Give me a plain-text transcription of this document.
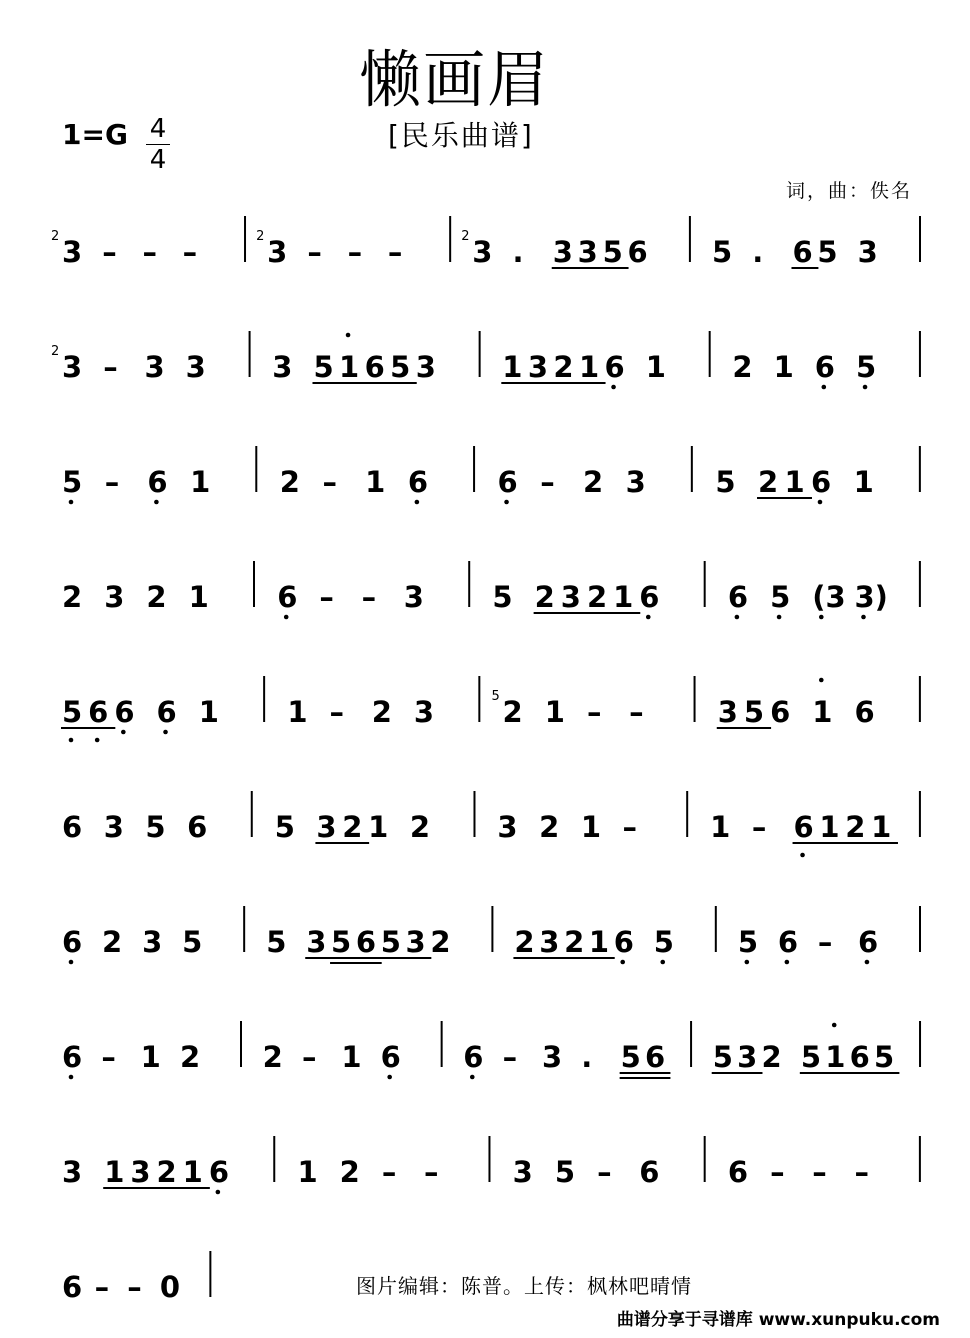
懒画眉
1=G 4
4
[民乐曲谱]
词，曲：佚名
3
2 – – – 3
2 – – – 3
2 . 3 3 5 6 5 . 6 5 3
3
2 – 3 3 3 5 1 6 5 3 1 3 2 1 6 1 2 1 6 5
5 – 6 1 2 – 1 6 6 – 2 3 5 2 1 6 1
2 3 2 1 6 – – 3 5 2 3 2 1 6 6 5 (3 3)
5 6 6 6 1 1 – 2 3 2
5 1 – –	3 5 6 1 6
6 3 5 6 5 3 2 1 2 3 2 1 –	1 – 6 1 2 1
6 2 3 5 5 3 5 6 5 3 2 2 3 2 1 6 5 5 6 – 6
6 – 1 2 2 – 1 6 6 – 3 . 5 6 5 3 2 5 1 6 5
3 1 3 2 1 6 1 2 – –	3 5 – 6 6 – – –
6 – – 0	图片编辑：陈普。上传：枫林吧晴情
曲谱分享于寻谱库 www.xunpuku.com
